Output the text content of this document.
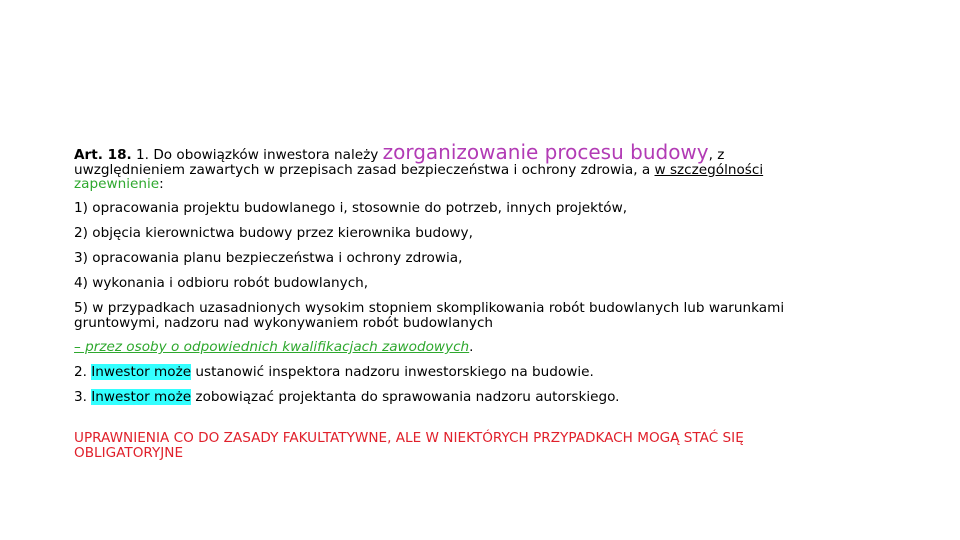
Art. 18. 1. Do obowiązków inwestora należy zorganizowanie procesu budowy, z
uwzględnieniem zawartych w przepisach zasad bezpieczeństwa i ochrony zdrowia, a w szczególności
zapewnienie:
1) opracowania projektu budowlanego i, stosownie do potrzeb, innych projektów,
2) objęcia kierownictwa budowy przez kierownika budowy,
3) opracowania planu bezpieczeństwa i ochrony zdrowia,
4) wykonania i odbioru robót budowlanych,
5) w przypadkach uzasadnionych wysokim stopniem skomplikowania robót budowlanych lub warunkami
gruntowymi, nadzoru nad wykonywaniem robót budowlanych
– przez osoby o odpowiednich kwalifikacjach zawodowych.
2. Inwestor może ustanowić inspektora nadzoru inwestorskiego na budowie.
3. Inwestor może zobowiązać projektanta do sprawowania nadzoru autorskiego.
UPRAWNIENIA CO DO ZASADY FAKULTATYWNE, ALE W NIEKTÓRYCH PRZYPADKACH MOGĄ STAĆ SIĘ
OBLIGATORYJNE
